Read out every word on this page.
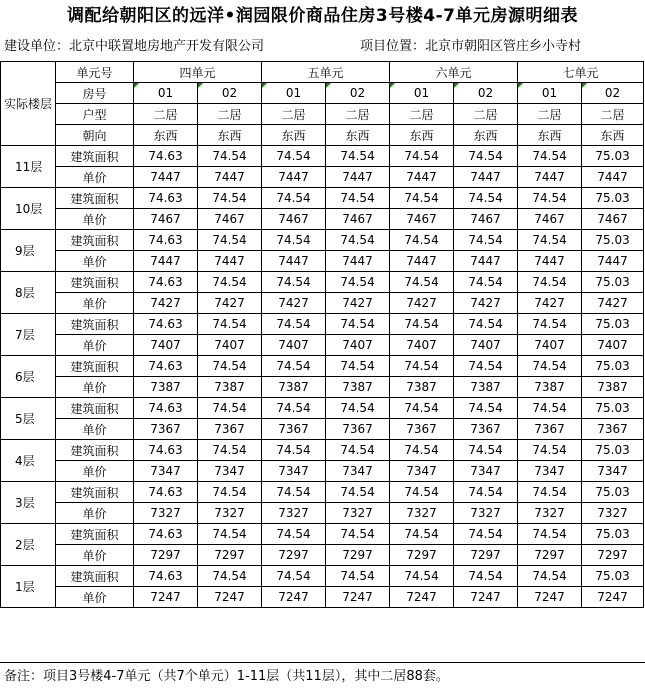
调配给朝阳区的远洋•润园限价商品住房3号楼4-7单元房源明细表
建设单位：北京中联置地房地产开发有限公司	项目位置：北京市朝阳区管庄乡小寺村
实际楼层	单元号	四单元		五单元		六单元		七单元	
	房号	01	02	01	02	01	02	01	02
	户型	二居	二居	二居	二居	二居	二居	二居	二居
	朝向	东西	东西	东西	东西	东西	东西	东西	东西
11层	建筑面积	74.63	74.54	74.54	74.54	74.54	74.54	74.54	75.03
	单价	7447	7447	7447	7447	7447	7447	7447	7447
10层	建筑面积	74.63	74.54	74.54	74.54	74.54	74.54	74.54	75.03
	单价	7467	7467	7467	7467	7467	7467	7467	7467
9层	建筑面积	74.63	74.54	74.54	74.54	74.54	74.54	74.54	75.03
	单价	7447	7447	7447	7447	7447	7447	7447	7447
8层	建筑面积	74.63	74.54	74.54	74.54	74.54	74.54	74.54	75.03
	单价	7427	7427	7427	7427	7427	7427	7427	7427
7层	建筑面积	74.63	74.54	74.54	74.54	74.54	74.54	74.54	75.03
	单价	7407	7407	7407	7407	7407	7407	7407	7407
6层	建筑面积	74.63	74.54	74.54	74.54	74.54	74.54	74.54	75.03
	单价	7387	7387	7387	7387	7387	7387	7387	7387
5层	建筑面积	74.63	74.54	74.54	74.54	74.54	74.54	74.54	75.03
	单价	7367	7367	7367	7367	7367	7367	7367	7367
4层	建筑面积	74.63	74.54	74.54	74.54	74.54	74.54	74.54	75.03
	单价	7347	7347	7347	7347	7347	7347	7347	7347
3层	建筑面积	74.63	74.54	74.54	74.54	74.54	74.54	74.54	75.03
	单价	7327	7327	7327	7327	7327	7327	7327	7327
2层	建筑面积	74.63	74.54	74.54	74.54	74.54	74.54	74.54	75.03
	单价	7297	7297	7297	7297	7297	7297	7297	7297
1层	建筑面积	74.63	74.54	74.54	74.54	74.54	74.54	74.54	75.03
	单价	7247	7247	7247	7247	7247	7247	7247	7247
备注：项目3号楼4-7单元（共7个单元）1-11层（共11层），其中二居88套。
